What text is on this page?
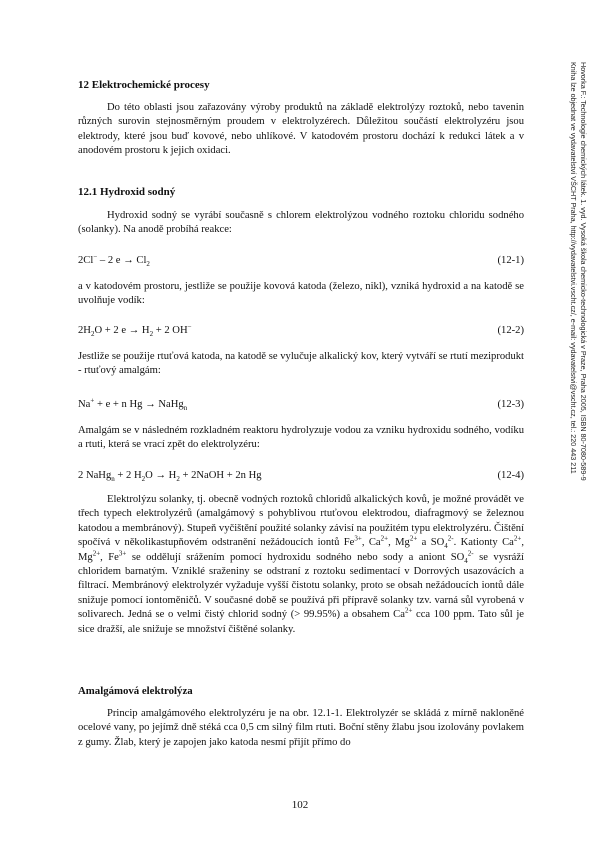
Hovorka F.: Technologie chemických látek. 1. vyd. Vysoká škola chemicko-technologická v Praze, Praha 2005, ISBN 80-7080-589-9
Kniha lze objednat ve vydavatelství VŠCHT Praha, http://vydavatelstvi.vscht.cz/, e-mail: vydavatelstvi@vscht.cz, tel.: 220 443 211
12 Elektrochemické procesy
Do této oblasti jsou zařazovány výroby produktů na základě elektrolýzy roztoků, nebo tavenin různých surovin stejnosměrným proudem v elektrolyzérech. Důležitou součástí elektrolyzéru jsou elektrody, které jsou buď kovové, nebo uhlíkové. V katodovém prostoru dochází k redukci látek a v anodovém prostoru k jejich oxidaci.
12.1 Hydroxid sodný
Hydroxid sodný se vyrábí současně s chlorem elektrolýzou vodného roztoku chloridu sodného (solanky). Na anodě probíhá reakce:
2Cl− – 2 $e \to Cl_2$	(12-1)
a v katodovém prostoru, jestliže se použije kovová katoda (železo, nikl), vzniká hydroxid a na katodě se uvolňuje vodík:
$2H_2O + 2$ $e \to H_2 + 2$ OH−	(12-2)
Jestliže se použije rtuťová katoda, na katodě se vylučuje alkalický kov, který vytváří se rtutí meziprodukt - rtuťový amalgám:
Na+ + e + n Hg → NaHg$_n$	(12-3)
Amalgám se v následném rozkladném reaktoru hydrolyzuje vodou za vzniku hydroxidu sodného, vodíku a rtuti, která se vrací zpět do elektrolyzéru:
2 NaHg$_n$ + 2 $H_2O \to H_2$ + 2NaOH + 2n Hg	(12-4)
Elektrolýzu solanky, tj. obecně vodných roztoků chloridů alkalických kovů, je možné provádět ve třech typech elektrolyzérů (amalgámový s pohyblivou rtuťovou elektrodou, diafragmový se železnou katodou a membránový). Stupeň vyčištění použité solanky závisí na použitém typu elektrolyzéru. Čištění spočívá v několikastupňovém odstranění nežádoucích iontů $Fe^{3+}$, $Ca^{2+}$, $Mg^{2+}$ a $SO_4^{2-}$. Kationty $Ca^{2+}$, $Mg^{2+}$, $Fe^{3+}$ se oddělují srážením pomocí hydroxidu sodného nebo sody a aniont $SO_4^{2-}$ se vysráží chloridem barnatým. Vzniklé sraženiny se odstraní z roztoku sedimentací v Dorrových usazovácích a filtrací. Membránový elektrolyzér vyžaduje vyšší čistotu solanky, proto se obsah nežádoucích iontů dále snižuje pomocí iontoměničů. V současné době se používá při přípravě solanky tzv. varná sůl vyrobená v solivarech. Jedná se o velmi čistý chlorid sodný (> 99.95%) a obsahem $Ca^{2+}$ cca 100 ppm. Tato sůl je sice dražší, ale snižuje se množství čištěné solanky.
Amalgámová elektrolýza
Princip amalgámového elektrolyzéru je na obr. 12.1-1. Elektrolyzér se skládá z mírně nakloněné ocelové vany, po jejímž dně stéká cca 0,5 cm silný film rtuti. Boční stěny žlabu jsou izolovány povlakem z gumy. Žlab, který je zapojen jako katoda nesmí přijít přímo do
102
